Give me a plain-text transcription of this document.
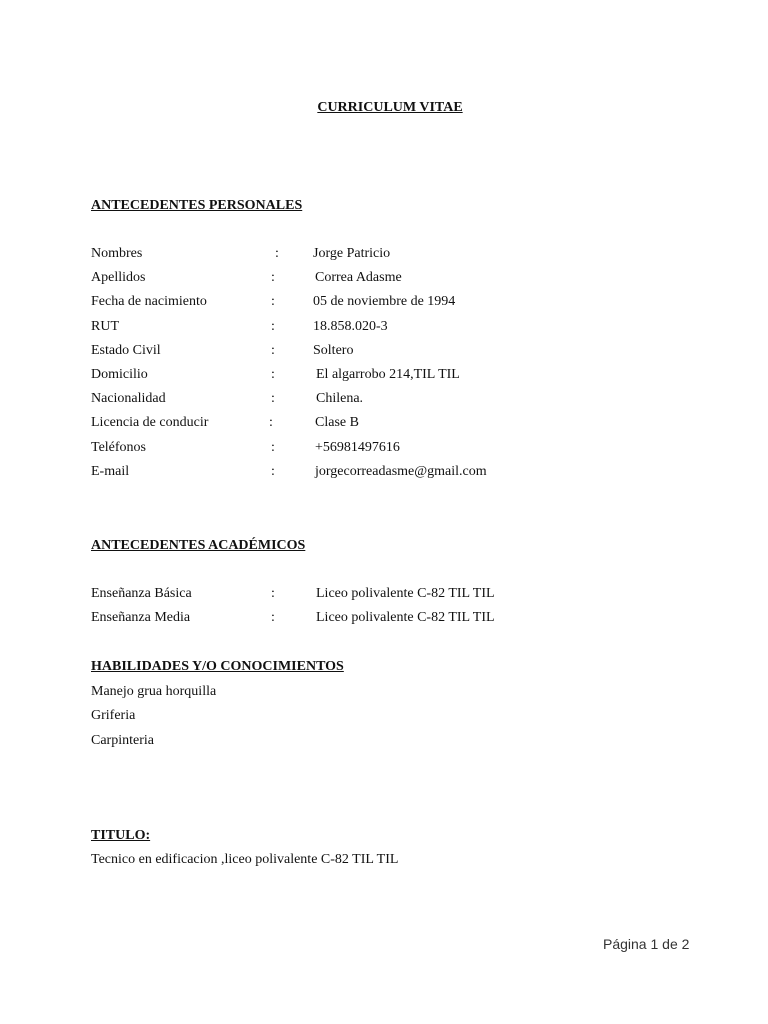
CURRICULUM VITAE
ANTECEDENTES PERSONALES
Nombres	: Jorge Patricio
Apellidos	:	Correa Adasme
Fecha de nacimiento	:	05 de noviembre de 1994
RUT	:	18.858.020-3
Estado Civil	:	Soltero
Domicilio	:	El algarrobo 214,TIL TIL
Nacionalidad	:	Chilena.
Licencia de conducir	:	Clase B
Teléfonos	:	+56981497616
E-mail	:	jorgecorreadasme@gmail.com
ANTECEDENTES ACADÉMICOS
Enseñanza Básica	:	Liceo polivalente C-82 TIL TIL
Enseñanza Media	:	Liceo polivalente C-82 TIL TIL
HABILIDADES Y/O CONOCIMIENTOS
Manejo grua horquilla
Griferia
Carpinteria
TITULO:
Tecnico en edificacion ,liceo polivalente C-82 TIL TIL
Página 1 de 2
